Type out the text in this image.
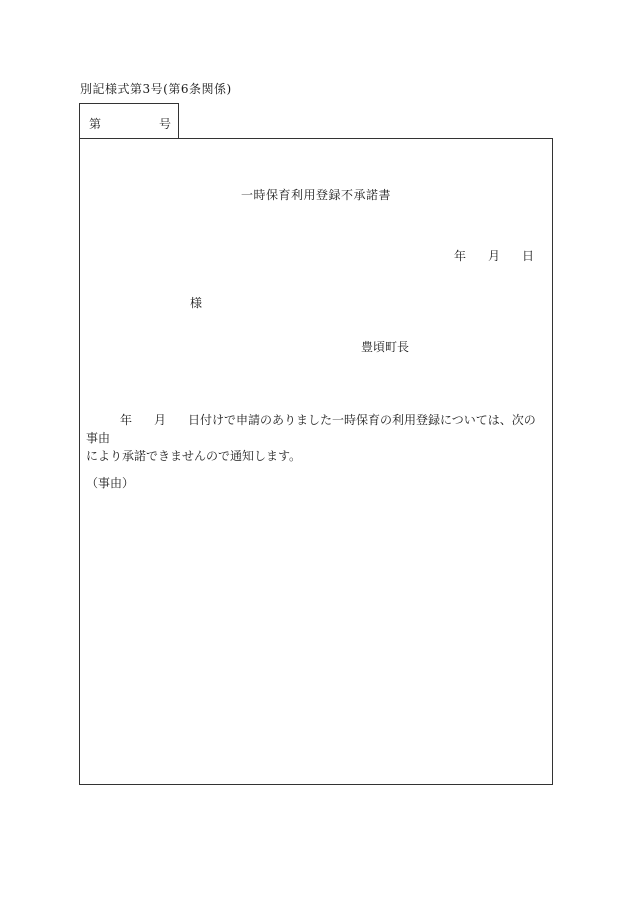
別記様式第3号(第6条関係)
第	号
一時保育利用登録不承諾書
年 月 日
様
豊頃町長
年 月 日付けで申請のありました一時保育の利用登録については、次の事由
により承諾できませんので通知します。
（事由）
